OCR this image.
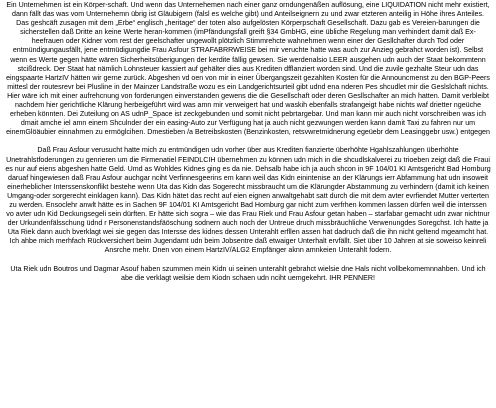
Ein Unternehmen ist ein Körper-schaft. Und wenn das Unternehemen nach einer ganz orndungenäßen auflösung, eine LIQUIDATION nicht mehr existiert, dann fällt das was vom Unternehemn übrig ist Gläubigern (falsl es welche gibt) und Anteilseignern zu und zwar etzteren anteilig in Höhe ihres Anteiles. Das geshcäft zusagen mit dem „Erbe“ englisch „heritage“ der toten also aufgelösten Körperpschaft Gesellschaft. Dazu gab es Vereien-barungen die sicherstellen daß Dritte an keine Werte heran-kommen (imPfändungsfall greift §34 GmbHG, eine übliche Regelung man verhindert damit daß Ex-heefrauen oder Kidner vom rest der geelschafter ungewollt plötzlich Stimmrehcte wahnehmen wenn einer der Gesllchafter durch Tod oder entmündigungausfällt, jene entmüdigungdie Frau Asfour STRAFABRRWEISE bei mir veruchte hatte was auch zur Anzieg gebrahct worden ist). Selbst wenn es Werte gegen hätte wären Sicherheitsüberigungen der kerdite fällig gewsen. Sie werdenalsio LEER ausgehen udn auch der Staat bekommtenn stcißdreck. Der Staat hat nämlich Lohnsteuer kassiert auf gehälter dies aus Krediten dfflanziert worden sind. Und die zuvile gezhalte Steur udn das eingspaarte HartzIV hätten wir gerne zurück. Abgeshen vd oen von mir in einer Übergangszeit gezahlten Kosten für die Announcmenst zu den BGP-Peers mittesl der routesrevr bei Plusline in der Mainzer Landstraße wozu es ein Landgerichtsurteil gibt udnd ena nderen Pes shcudlet mir die Geslslchaft nichts. Hier wäre ich mit einer aufrehcnung von forderungen einverstanden gewens die die Gesellschaft oder deren Gesllschafter an mich hatten. Damit verbleibt nachdem hier gerichtliche Klärung herbeigeführt wird was amn mir verweigert hat und waskih ebenfalls strafangeigt habe nichts waf drietter ngeüche erheben könnten. Dei Zuteilung on AS udnP_Space ist zeckgebunden und somit nicht pebrtargebar. Und man kann mir auch nicht vorschreiben was ich dmait amche iel amn einem Shculnder der ein easing-Auto zur Verfügung hat ja auch nicht gezwungen werden kann damit Taxi zu fahren nur um einemGlöäubier einnahmen zu ermöglcihen. Dmestieben /a Betreibskosten (Benzinkosten, retsvwretmidnerung egeüebr dem Leasinggebr usw.) entgegen

Daß Frau Asfour verusucht hatte mich zu entmündigen udn vorher über aus Krediten fianzierte überhöhte Hgahlszahlungen überhöhte Unetrahlstfoderungen zu genrieren um die Firmenatiel FEINDLCIH übernehmen zu können udn mich in die shcudlskalverei zu trioeben zeigt daß die Fraui es nur auf eiens abgeshen hatte Geld. Umd as Wohldes Kidnes ging es da nie. Dehsalb habe ich ja auch shcon in 9F 104/01 KI Amtsgericht Bad Homburg daruaf hingewiesen daß Frau Asfour auchgar nciht Verfinnesgeerins em kann weil das Kidn einintenise an der Klärungs ierr Abfammung hat udn insoweit einerheblicher Interssenskonflikt bestehe wenn Uta das Kidn das Sogerecht missbraucht um die Klärungder Abstammung zu verhindern (damit ich keinen Umgang-oder sorgerecht einklagen kann). Das Kidn hätet das recht auf eien eignen anwaltgehabt satt durch die mit dem avter evrfiendet Mutter verterten zu werden. Ensoclehr anwlt hätte es in Sachen 9F 104/01 KI Amtsgericht Bad Homburg gar nicht zum verfrhen kommen lassen dürfen weil die interssen vo avter udn Kid Deckungsegeli sein dürften. Er hätte sich sogra – wie das Frau Riek und Frau Asfour getan haben – starfabar gemacht udn zwar nichtnur der Urkundenfälsschung üdnd r Personenstandsfäöschung sodnern auch noch der Untreue druch missbräuchliche Verwenungdes Soregchst. Ich hatte ja Uta Riek dann auch bverklagt wei sie gegen das Intersse des kidnes dessen Unterahlt erfllen assen hat dadruch daß die ihn nicht geltend mgeamcht hat. Ich ahbe mich merhfach Rückversichert beim Jugendamt udn beim Jobsentre daß etwaiger Unterhalt ervfällt. Siet über 10 Jahren at sie soweiso keinreli Ansrche mehr. Dnen von einem HartzIV/ALG2 Empfänger aknn amnkeien Unterahlt fodern.

Uta Riek udn Boutros und Dagmar Asouf haben szummen mein Kidn ui seinen unterahlt gebrahct wielsie dne Hals nicht vollbekomemnnahben. Und ich abe die verklagt weilsie dem Kiodn schaen udn nciht uemgekehrt. IHR PENNER!
